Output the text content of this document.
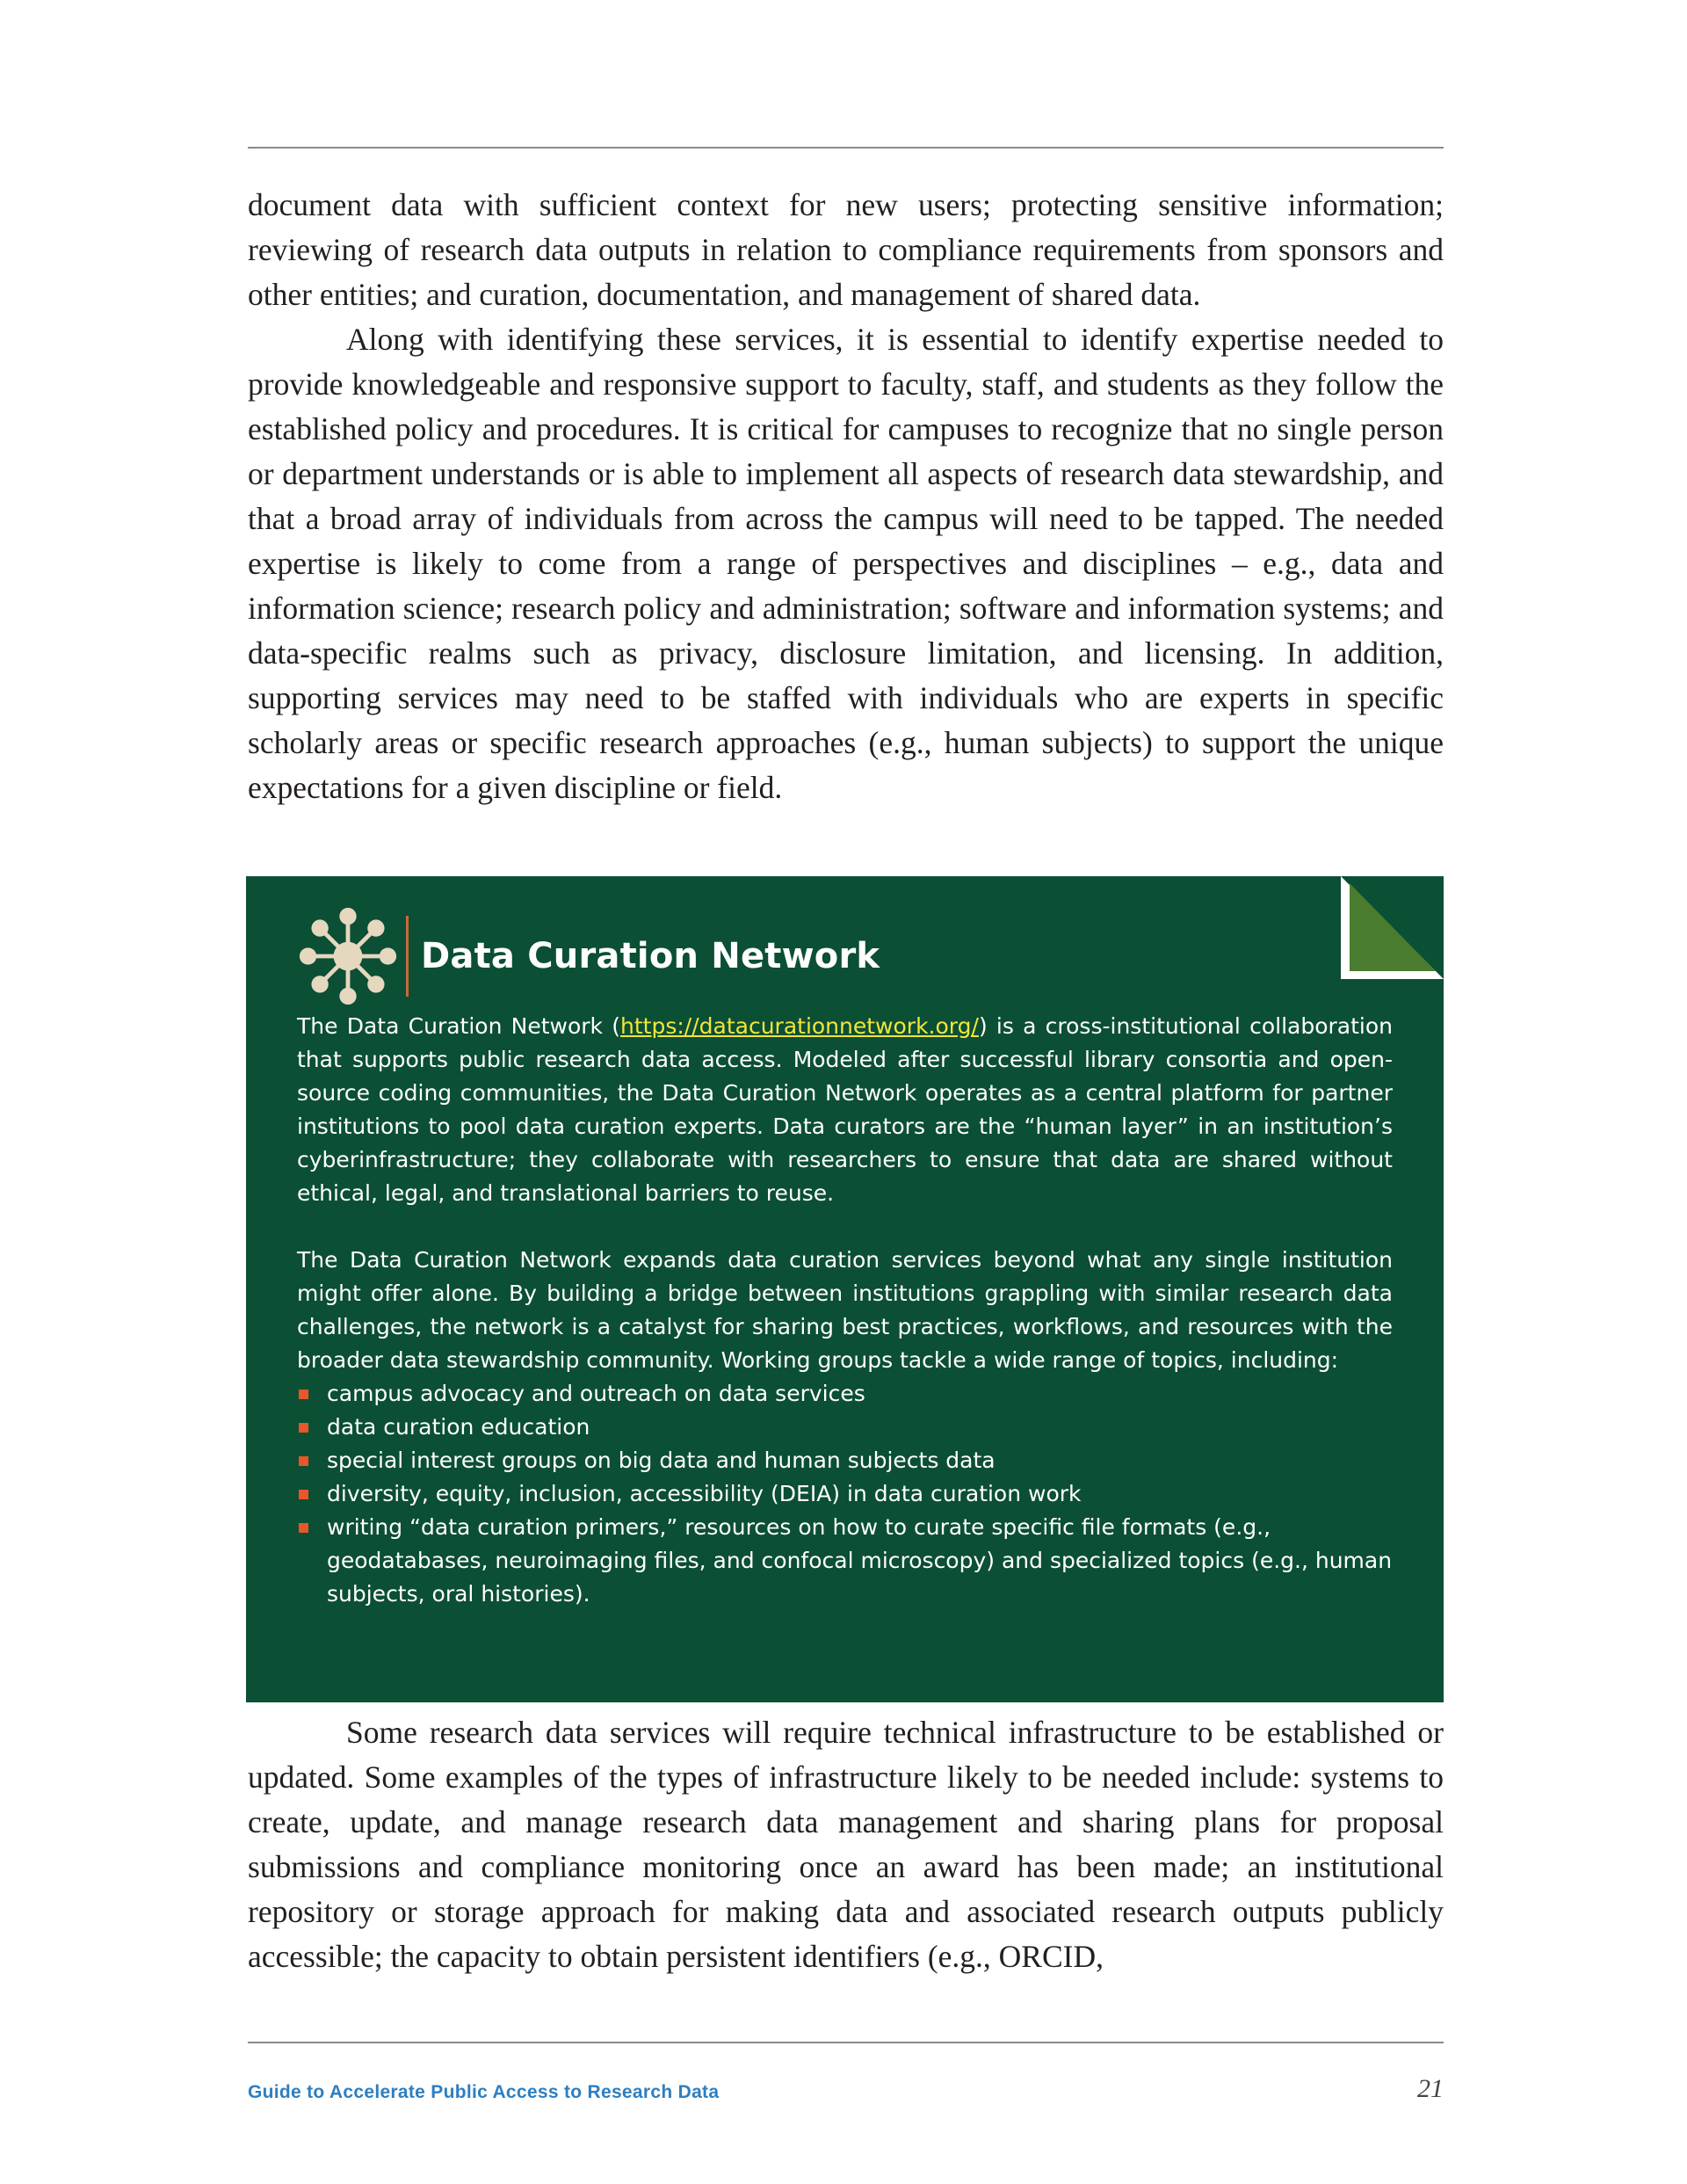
document data with sufficient context for new users; protecting sensitive information; reviewing of research data outputs in relation to compliance requirements from sponsors and other entities; and curation, documentation, and management of shared data.

Along with identifying these services, it is essential to identify expertise needed to provide knowledgeable and responsive support to faculty, staff, and students as they follow the established policy and procedures. It is critical for campuses to recognize that no single person or department understands or is able to implement all aspects of research data stewardship, and that a broad array of individuals from across the campus will need to be tapped. The needed expertise is likely to come from a range of perspectives and disciplines – e.g., data and information science; research policy and administration; software and information systems; and data-specific realms such as privacy, disclosure limitation, and licensing. In addition, supporting services may need to be staffed with individuals who are experts in specific scholarly areas or specific research approaches (e.g., human subjects) to support the unique expectations for a given discipline or field.

Data Curation Network

The Data Curation Network (https://datacurationnetwork.org/) is a cross-institutional collaboration that supports public research data access. Modeled after successful library consortia and open-source coding communities, the Data Curation Network operates as a central platform for partner institutions to pool data curation experts. Data curators are the “human layer” in an institution’s cyberinfrastructure; they collaborate with researchers to ensure that data are shared without ethical, legal, and translational barriers to reuse.

The Data Curation Network expands data curation services beyond what any single institution might offer alone. By building a bridge between institutions grappling with similar research data challenges, the network is a catalyst for sharing best practices, workflows, and resources with the broader data stewardship community. Working groups tackle a wide range of topics, including:

campus advocacy and outreach on data services
data curation education
special interest groups on big data and human subjects data
diversity, equity, inclusion, accessibility (DEIA) in data curation work
writing “data curation primers,” resources on how to curate specific file formats (e.g., geodatabases, neuroimaging files, and confocal microscopy) and specialized topics (e.g., human subjects, oral histories).

Some research data services will require technical infrastructure to be established or updated. Some examples of the types of infrastructure likely to be needed include: systems to create, update, and manage research data management and sharing plans for proposal submissions and compliance monitoring once an award has been made; an institutional repository or storage approach for making data and associated research outputs publicly accessible; the capacity to obtain persistent identifiers (e.g., ORCID,

Guide to Accelerate Public Access to Research Data	21
